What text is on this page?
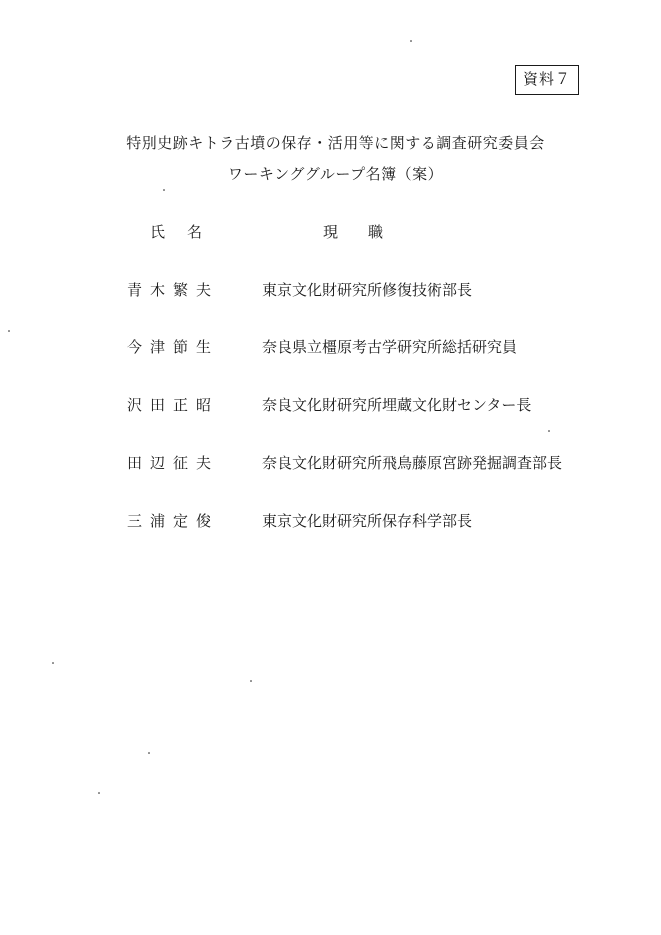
資料７
特別史跡キトラ古墳の保存・活用等に関する調査研究委員会
ワーキンググループ名簿（案）
氏名	現職
青木繁夫	東京文化財研究所修復技術部長
今津節生	奈良県立橿原考古学研究所総括研究員
沢田正昭	奈良文化財研究所埋蔵文化財センター長
田辺征夫	奈良文化財研究所飛鳥藤原宮跡発掘調査部長
三浦定俊	東京文化財研究所保存科学部長
